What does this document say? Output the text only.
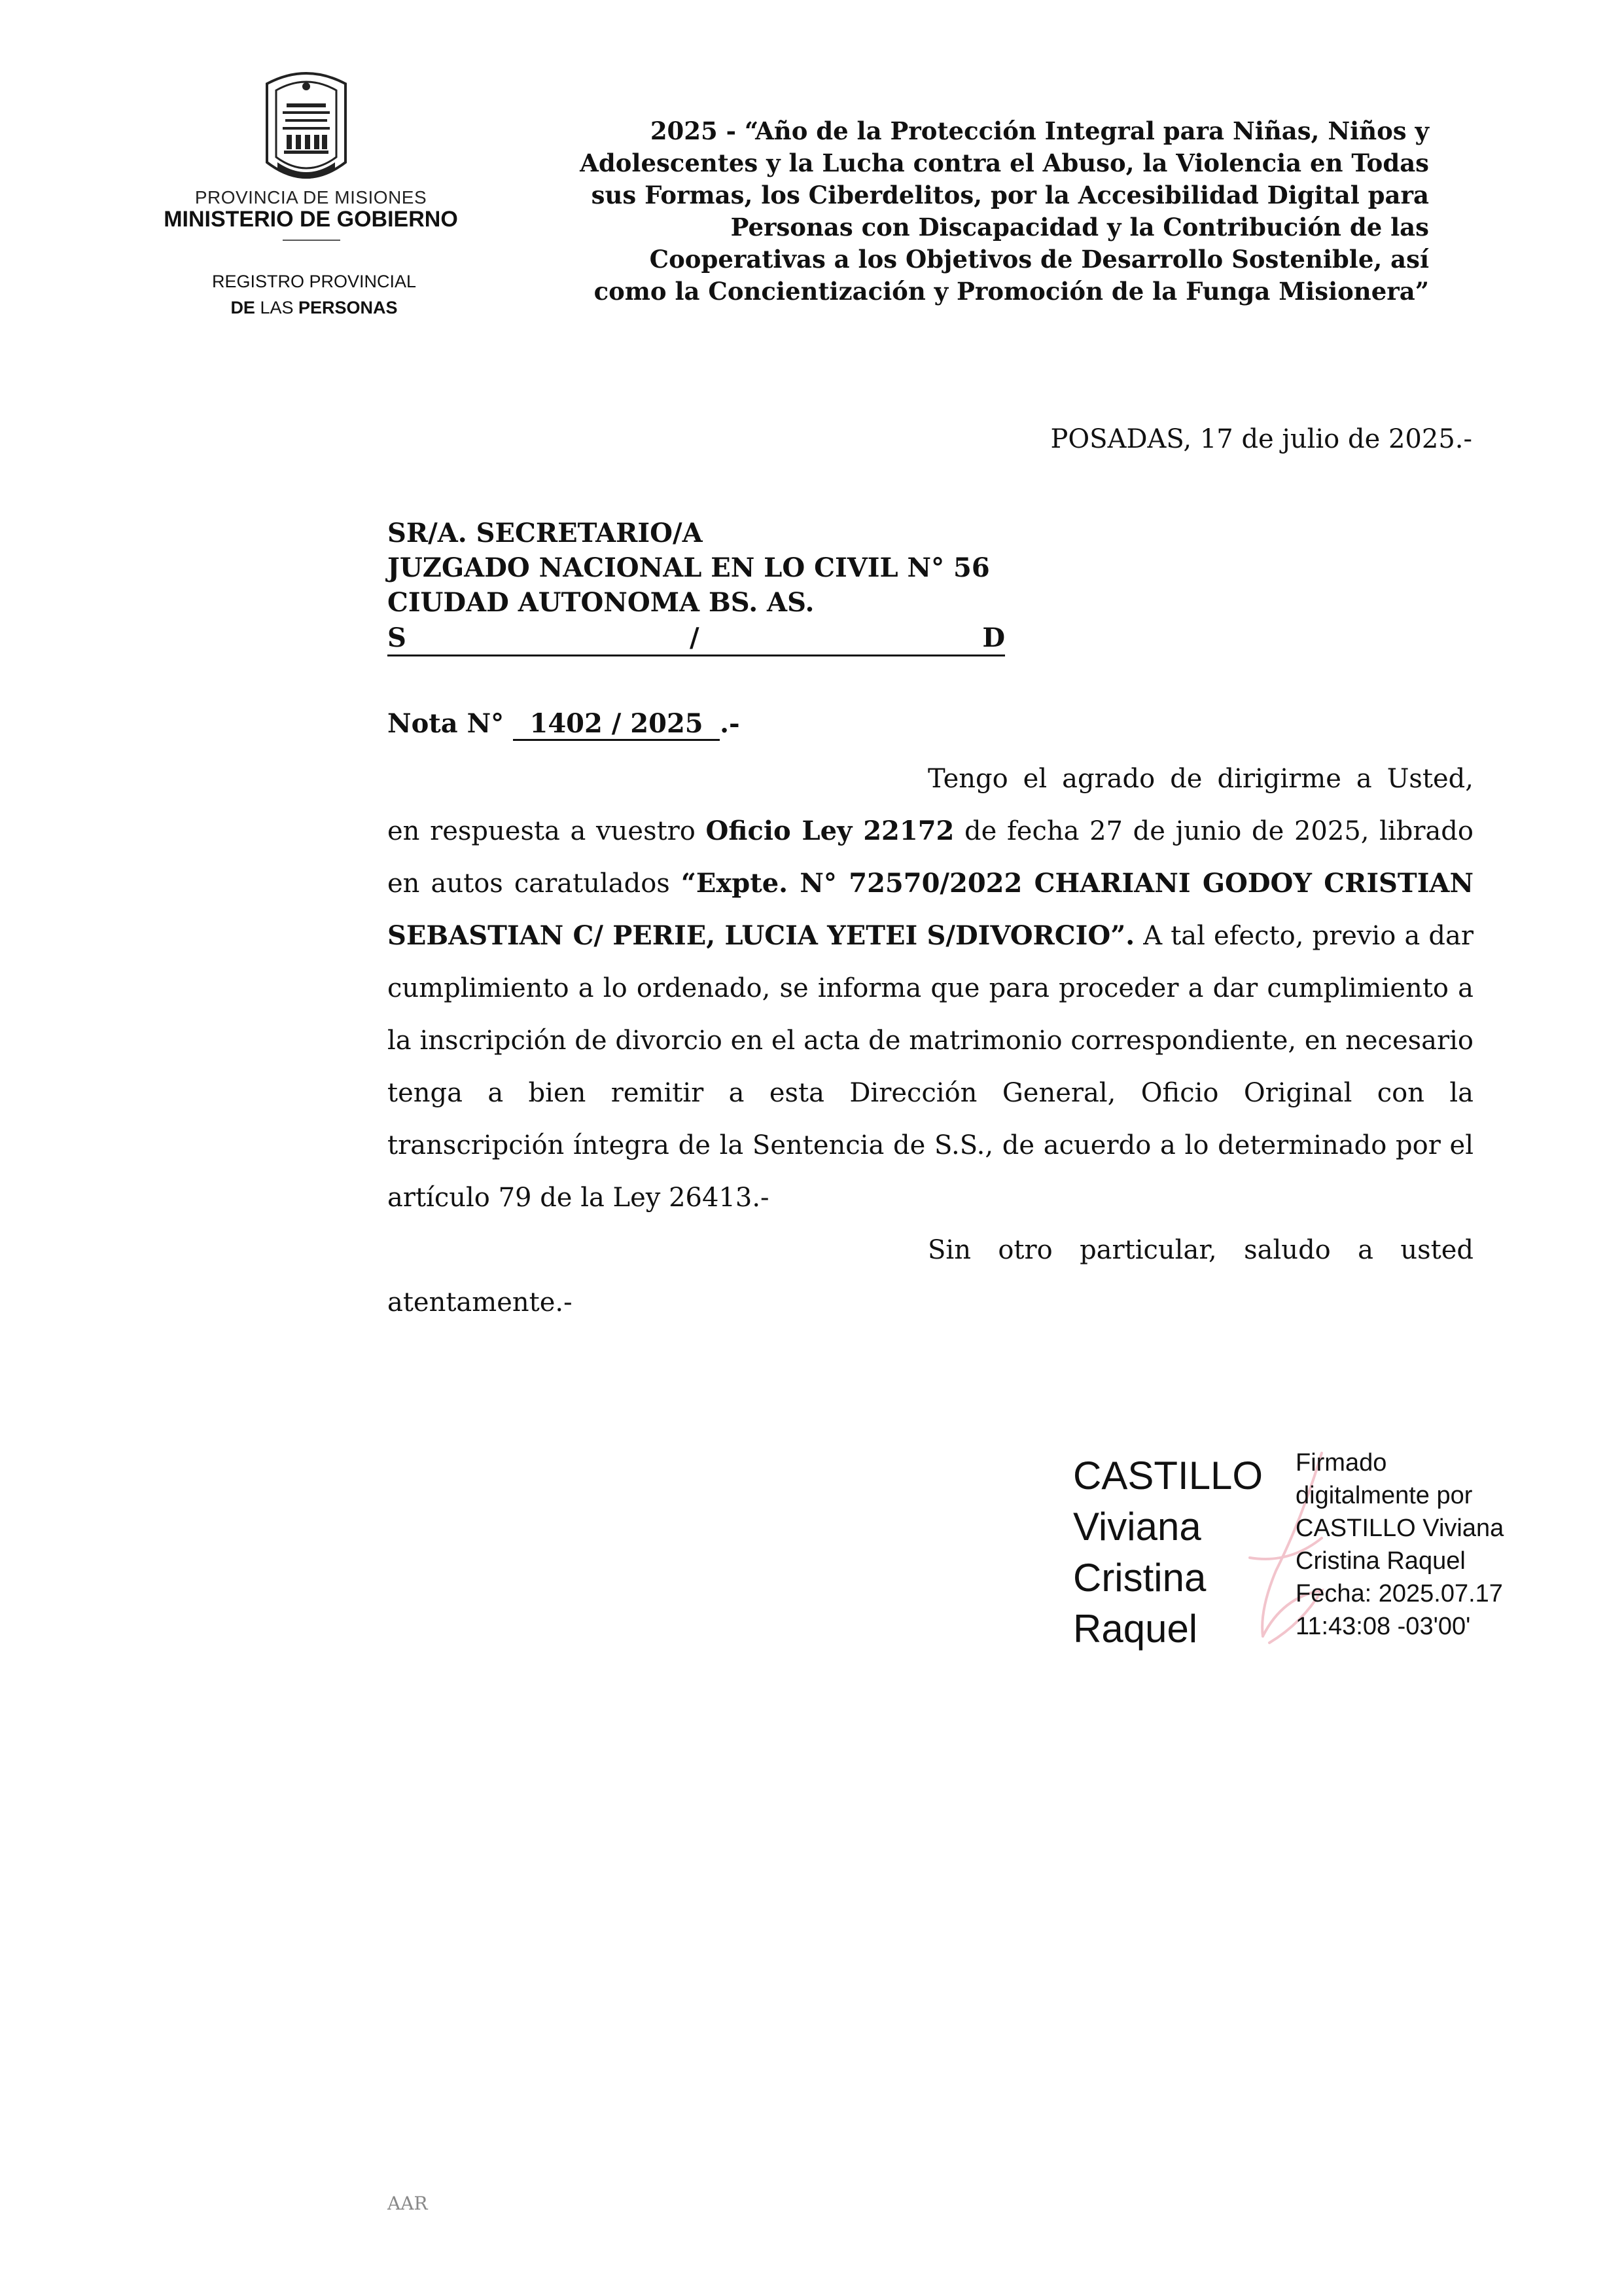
PROVINCIA DE MISIONES
MINISTERIO DE GOBIERNO
REGISTRO PROVINCIAL
DE LAS PERSONAS
2025 - “Año de la Protección Integral para Niñas, Niños y Adolescentes y la Lucha contra el Abuso, la Violencia en Todas sus Formas, los Ciberdelitos, por la Accesibilidad Digital para Personas con Discapacidad y la Contribución de las Cooperativas a los Objetivos de Desarrollo Sostenible, así como la Concientización y Promoción de la Funga Misionera”
POSADAS, 17 de julio de 2025.-
SR/A. SECRETARIO/A
JUZGADO NACIONAL EN LO CIVIL N° 56
CIUDAD AUTONOMA BS. AS.
S	/	D
Nota N° 1402 / 2025 .-

Tengo el agrado de dirigirme a Usted, en respuesta a vuestro Oficio Ley 22172 de fecha 27 de junio de 2025, librado en autos caratulados “Expte. N° 72570/2022 CHARIANI GODOY CRISTIAN SEBASTIAN C/ PERIE, LUCIA YETEI S/DIVORCIO”. A tal efecto, previo a dar cumplimiento a lo ordenado, se informa que para proceder a dar cumplimiento a la inscripción de divorcio en el acta de matrimonio correspondiente, en necesario tenga a bien remitir a esta Dirección General, Oficio Original con la transcripción íntegra de la Sentencia de S.S., de acuerdo a lo determinado por el artículo 79 de la Ley 26413.-

Sin otro particular, saludo a usted atentamente.-

CASTILLO
Viviana
Cristina
Raquel
Firmado
digitalmente por
CASTILLO Viviana
Cristina Raquel
Fecha: 2025.07.17
11:43:08 -03'00'
AAR
